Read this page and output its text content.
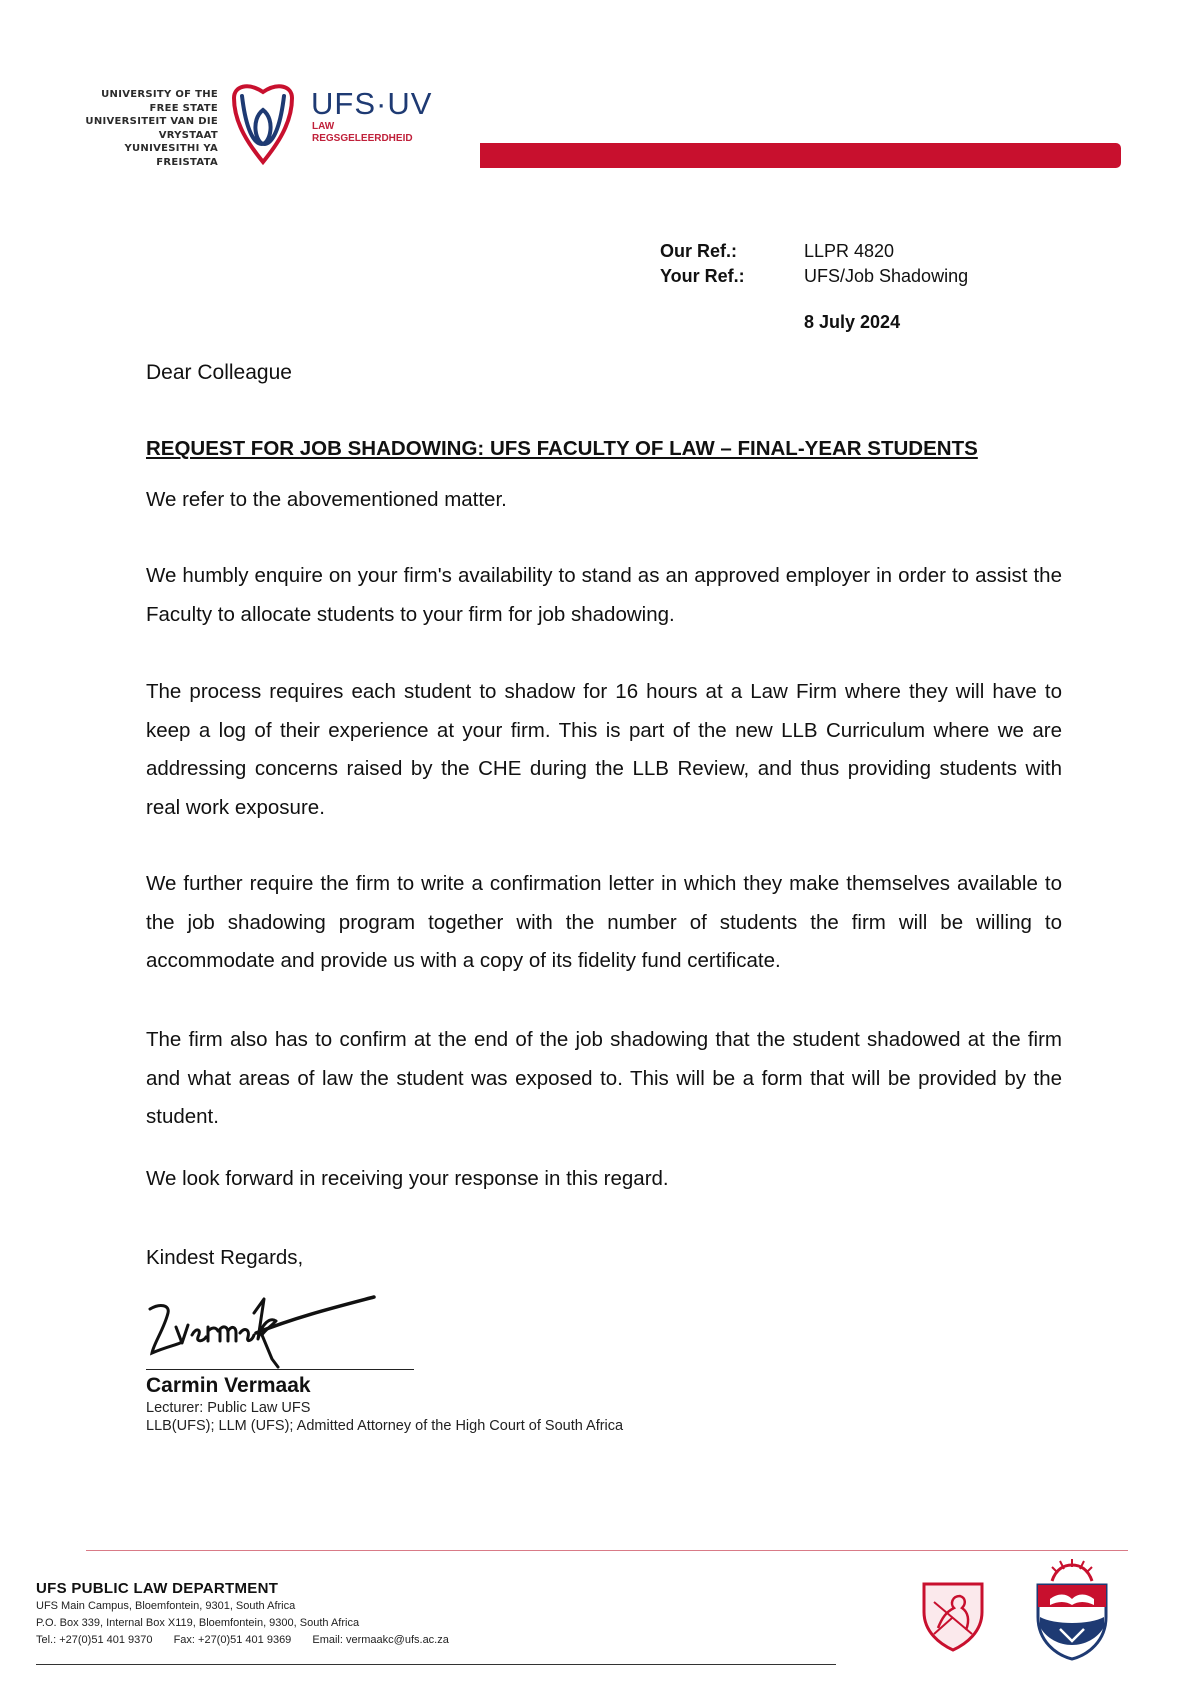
UNIVERSITY OF THE
FREE STATE
UNIVERSITEIT VAN DIE
VRYSTAAT
YUNIVESITHI YA
FREISTATA
UFS·UV
LAW
REGSGELEERDHEID
Our Ref.:	LLPR 4820
Your Ref.:	UFS/Job Shadowing
8 July 2024
Dear Colleague
REQUEST FOR JOB SHADOWING: UFS FACULTY OF LAW – FINAL-YEAR STUDENTS
We refer to the abovementioned matter.
We humbly enquire on your firm's availability to stand as an approved employer in order to assist the Faculty to allocate students to your firm for job shadowing.
The process requires each student to shadow for 16 hours at a Law Firm where they will have to keep a log of their experience at your firm. This is part of the new LLB Curriculum where we are addressing concerns raised by the CHE during the LLB Review, and thus providing students with real work exposure.
We further require the firm to write a confirmation letter in which they make themselves available to the job shadowing program together with the number of students the firm will be willing to accommodate and provide us with a copy of its fidelity fund certificate.
The firm also has to confirm at the end of the job shadowing that the student shadowed at the firm and what areas of law the student was exposed to. This will be a form that will be provided by the student.
We look forward in receiving your response in this regard.
Kindest Regards,
Carmin Vermaak
Lecturer: Public Law UFS
LLB(UFS); LLM (UFS); Admitted Attorney of the High Court of South Africa
UFS PUBLIC LAW DEPARTMENT
UFS Main Campus, Bloemfontein, 9301, South Africa
P.O. Box 339, Internal Box X119, Bloemfontein, 9300, South Africa
Tel.: +27(0)51 401 9370 Fax: +27(0)51 401 9369 Email: vermaakc@ufs.ac.za
